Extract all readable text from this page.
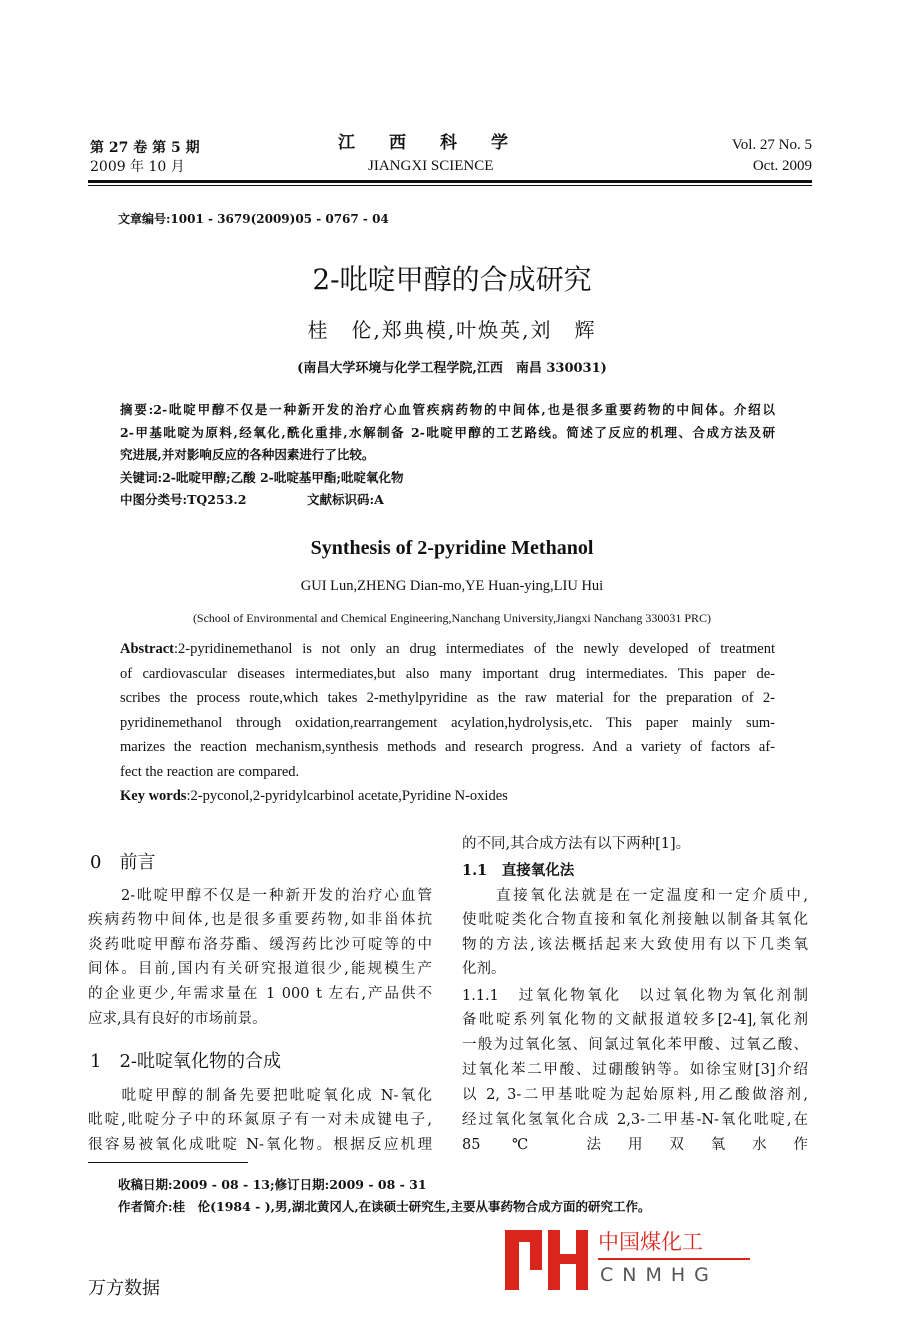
第 27 卷 第 5 期
2009 年 10 月
江　　西　　科　　学
JIANGXI SCIENCE
Vol. 27 No. 5
Oct. 2009
文章编号:1001 - 3679(2009)05 - 0767 - 04
2-吡啶甲醇的合成研究
桂　伦,郑典模,叶焕英,刘　辉
(南昌大学环境与化学工程学院,江西　南昌 330031)
摘要:2-吡啶甲醇不仅是一种新开发的治疗心血管疾病药物的中间体,也是很多重要药物的中间体。介绍以
2-甲基吡啶为原料,经氧化,酰化重排,水解制备 2-吡啶甲醇的工艺路线。简述了反应的机理、合成方法及研
究进展,并对影响反应的各种因素进行了比较。
关键词:2-吡啶甲醇;乙酸 2-吡啶基甲酯;吡啶氧化物
中图分类号:TQ253.2	文献标识码:A
Synthesis of 2-pyridine Methanol
GUI Lun,ZHENG Dian-mo,YE Huan-ying,LIU Hui
(School of Environmental and Chemical Engineering,Nanchang University,Jiangxi Nanchang 330031 PRC)
Abstract:2-pyridinemethanol is not only an drug intermediates of the newly developed of treatment
of cardiovascular diseases intermediates,but also many important drug intermediates. This paper de-
scribes the process route,which takes 2-methylpyridine as the raw material for the preparation of 2-
pyridinemethanol through oxidation,rearrangement acylation,hydrolysis,etc. This paper mainly sum-
marizes the reaction mechanism,synthesis methods and research progress. And a variety of factors af-
fect the reaction are compared.
Key words:2-pyconol,2-pyridylcarbinol acetate,Pyridine N-oxides
0　前言
　　2-吡啶甲醇不仅是一种新开发的治疗心血管
疾病药物中间体,也是很多重要药物,如非甾体抗
炎药吡啶甲醇布洛芬酯、缓泻药比沙可啶等的中
间体。目前,国内有关研究报道很少,能规模生产
的企业更少,年需求量在 1 000 t 左右,产品供不
应求,具有良好的市场前景。
1　2-吡啶氧化物的合成
　　吡啶甲醇的制备先要把吡啶氧化成 N-氧化
吡啶,吡啶分子中的环氮原子有一对未成键电子,
很容易被氧化成吡啶 N-氧化物。根据反应机理
的不同,其合成方法有以下两种[1]。
1.1　直接氧化法
　　直接氧化法就是在一定温度和一定介质中,
使吡啶类化合物直接和氧化剂接触以制备其氧化
物的方法,该法概括起来大致使用有以下几类氧
化剂。
1.1.1　过氧化物氧化　以过氧化物为氧化剂制
备吡啶系列氧化物的文献报道较多[2-4],氧化剂
一般为过氧化氢、间氯过氧化苯甲酸、过氧乙酸、
过氧化苯二甲酸、过硼酸钠等。如徐宝财[3]介绍
以 2, 3-二甲基吡啶为起始原料,用乙酸做溶剂,
经过氧化氢氧化合成 2,3-二甲基-N-氧化吡啶,在
85 ℃ 法用双氧水作
收稿日期:2009 - 08 - 13;修订日期:2009 - 08 - 31
作者简介:桂　伦(1984 - ),男,湖北黄冈人,在读硕士研究生,主要从事药物合成方面的研究工作。
中国煤化工
CNMHG
万方数据
